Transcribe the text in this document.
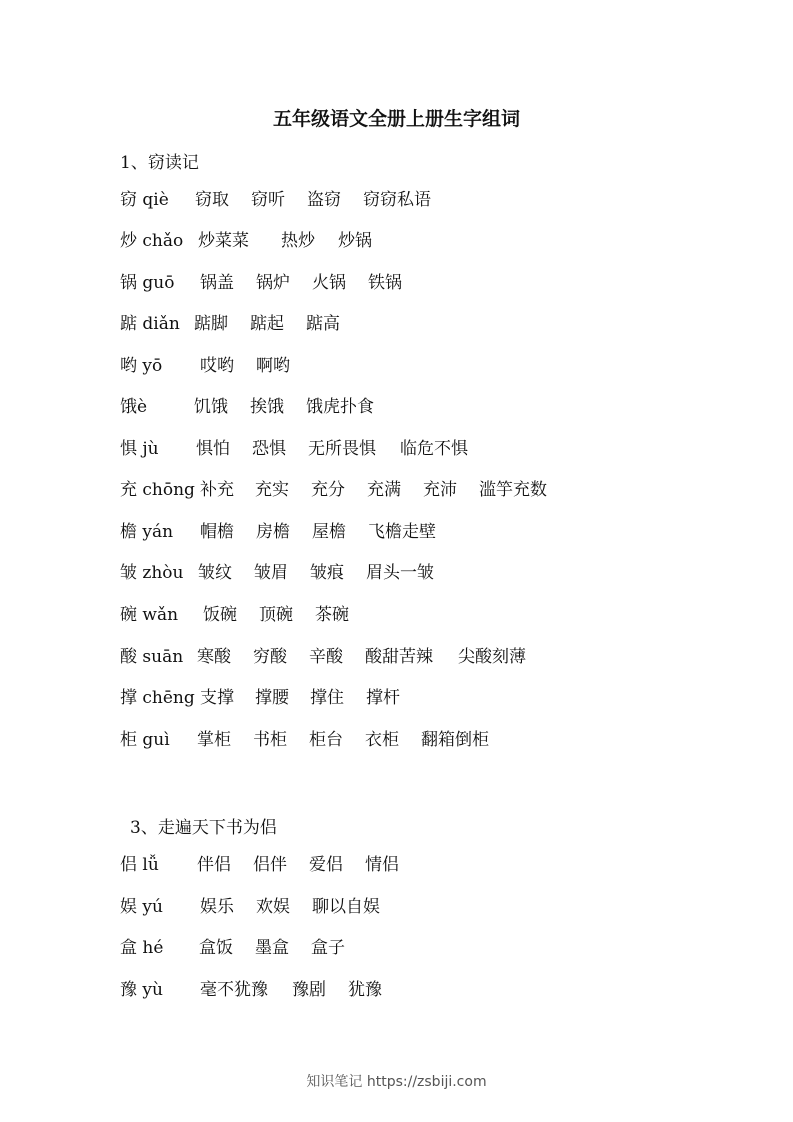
五年级语文全册上册生字组词
1、窃读记
窃 qiè 窃取 窃听 盗窃 窃窃私语
炒 chǎo 炒菜菜 热炒 炒锅
锅 guō 锅盖 锅炉 火锅 铁锅
踮 diǎn 踮脚 踮起 踮高
哟 yō 哎哟 啊哟
饿è	饥饿 挨饿 饿虎扑食
惧 jù 惧怕 恐惧 无所畏惧 临危不惧
充 chōng 补充 充实 充分 充满 充沛 滥竽充数
檐 yán 帽檐 房檐 屋檐 飞檐走壁
皱 zhòu 皱纹 皱眉 皱痕 眉头一皱
碗 wǎn 饭碗 顶碗 茶碗
酸 suān 寒酸 穷酸 辛酸 酸甜苦辣 尖酸刻薄
撑 chēng 支撑 撑腰 撑住 撑杆
柜 guì 掌柜 书柜 柜台 衣柜 翻箱倒柜
3、走遍天下书为侣
侣 lǚ 伴侣 侣伴 爱侣 情侣
娱 yú 娱乐 欢娱 聊以自娱
盒 hé 盒饭 墨盒 盒子
豫 yù 毫不犹豫 豫剧 犹豫
知识笔记 https://zsbiji.com
